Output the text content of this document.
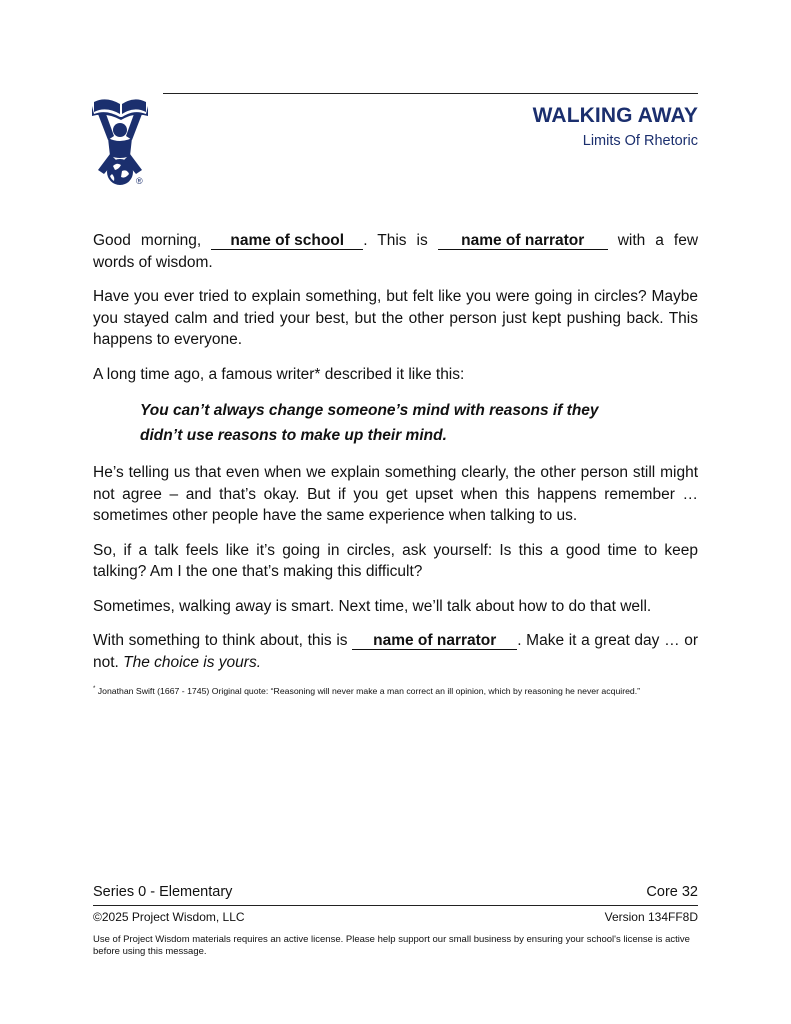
®
WALKING AWAY
Limits Of Rhetoric

Good morning, name of school . This is name of narrator with a few words of wisdom.

Have you ever tried to explain something, but felt like you were going in circles? Maybe you stayed calm and tried your best, but the other person just kept pushing back. This happens to everyone.

A long time ago, a famous writer* described it like this:

You can’t always change someone’s mind with reasons if they
didn’t use reasons to make up their mind.

He’s telling us that even when we explain something clearly, the other person still might not agree – and that’s okay. But if you get upset when this happens remember … sometimes other people have the same experience when talking to us.

So, if a talk feels like it’s going in circles, ask yourself: Is this a good time to keep talking? Am I the one that’s making this difficult?

Sometimes, walking away is smart. Next time, we’ll talk about how to do that well.

With something to think about, this is name of narrator . Make it a great day … or not. The choice is yours.

* Jonathan Swift (1667 - 1745) Original quote: “Reasoning will never make a man correct an ill opinion, which by reasoning he never acquired.”
Series 0 - Elementary	Core 32
©2025 Project Wisdom, LLC	Version 134FF8D
Use of Project Wisdom materials requires an active license. Please help support our small business by ensuring your school's license is active before using this message.
